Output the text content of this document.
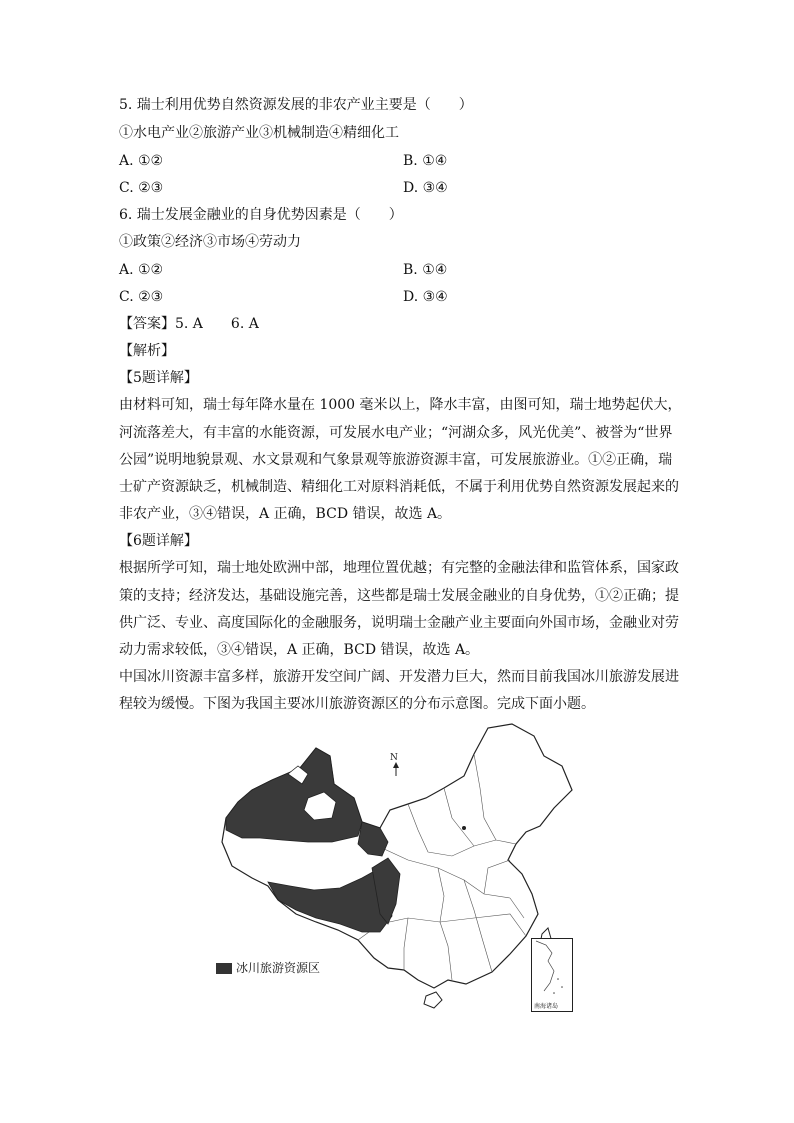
5. 瑞士利用优势自然资源发展的非农产业主要是（　　）
①水电产业②旅游产业③机械制造④精细化工
A. ①②	B. ①④
C. ②③	D. ③④
6. 瑞士发展金融业的自身优势因素是（　　）
①政策②经济③市场④劳动力
A. ①②	B. ①④
C. ②③	D. ③④
【答案】5. A　　6. A
【解析】
【5题详解】
由材料可知，瑞士每年降水量在 1000 毫米以上，降水丰富，由图可知，瑞士地势起伏大，
河流落差大，有丰富的水能资源，可发展水电产业；“河湖众多，风光优美”、被誉为“世界
公园”说明地貌景观、水文景观和气象景观等旅游资源丰富，可发展旅游业。①②正确，瑞
士矿产资源缺乏，机械制造、精细化工对原料消耗低，不属于利用优势自然资源发展起来的
非农产业，③④错误，A 正确，BCD 错误，故选 A。
【6题详解】
根据所学可知，瑞士地处欧洲中部，地理位置优越；有完整的金融法律和监管体系，国家政
策的支持；经济发达，基础设施完善，这些都是瑞士发展金融业的自身优势，①②正确；提
供广泛、专业、高度国际化的金融服务，说明瑞士金融产业主要面向外国市场，金融业对劳
动力需求较低，③④错误，A 正确，BCD 错误，故选 A。
中国冰川资源丰富多样，旅游开发空间广阔、开发潜力巨大，然而目前我国冰川旅游发展进
程较为缓慢。下图为我国主要冰川旅游资源区的分布示意图。完成下面小题。
N
冰川旅游资源区
南海诸岛
